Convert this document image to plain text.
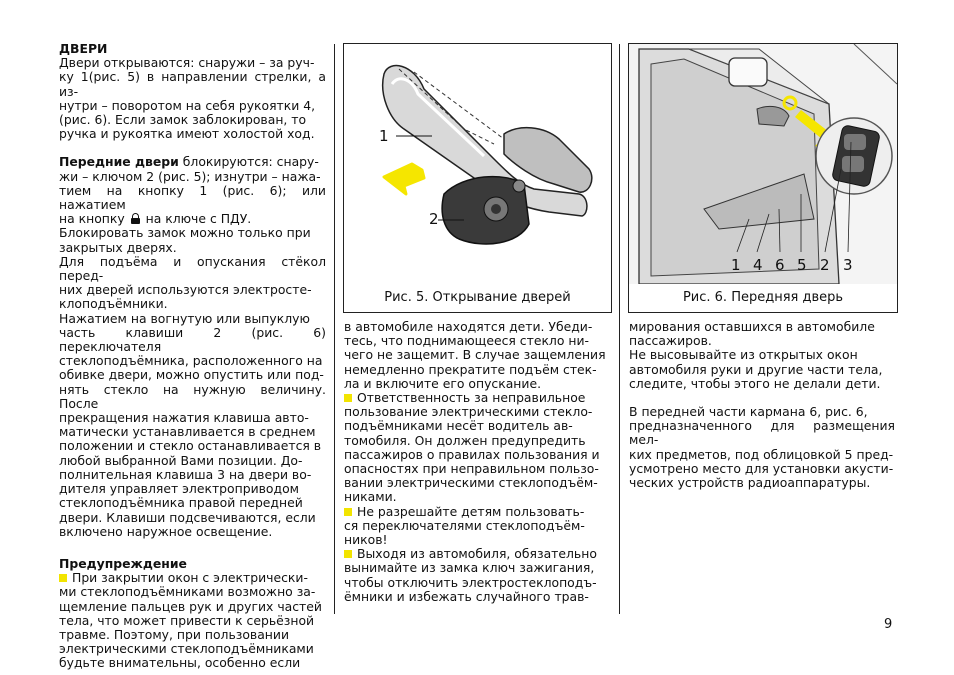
ДВЕРИ

Двери открываются: снаружи – за руч-

ку 1(рис. 5) в направлении стрелки, а из-

нутри – поворотом на себя рукоятки 4,

(рис. 6). Если замок заблокирован, то

ручка и рукоятка имеют холостой ход.

Передние двери блокируются: снару-

жи – ключом 2 (рис. 5); изнутри – нажа-

тием на кнопку 1 (рис. 6); или нажатием

на кнопку  на ключе с ПДУ.

Блокировать замок можно только при

закрытых дверях.

Для подъёма и опускания стёкол перед-

них дверей используются электросте-

клоподъёмники.

Нажатием на вогнутую или выпуклую

часть клавиши 2 (рис. 6) переключателя

стеклоподъёмника, расположенного на

обивке двери, можно опустить или под-

нять стекло на нужную величину. После

прекращения нажатия клавиша авто-

матически устанавливается в среднем

положении и стекло останавливается в

любой выбранной Вами позиции. До-

полнительная клавиша 3 на двери во-

дителя управляет электроприводом

стеклоподъёмника правой передней

двери. Клавиши подсвечиваются, если

включено наружное освещение.

Предупреждение

При закрытии окон с электрически-

ми стеклоподъёмниками возможно за-

щемление пальцев рук и других частей

тела, что может привести к серьёзной

травме. Поэтому, при пользовании

электрическими стеклоподъёмниками

будьте внимательны, особенно если

1
2
Рис. 5. Открывание дверей
1 4 6 5 2 3
Рис. 6. Передняя дверь

в автомобиле находятся дети. Убеди-

тесь, что поднимающееся стекло ни-

чего не защемит. В случае защемления

немедленно прекратите подъём стек-

ла и включите его опускание.

Ответственность за неправильное

пользование электрическими стекло-

подъёмниками несёт водитель ав-

томобиля. Он должен предупредить

пассажиров о правилах пользования и

опасностях при неправильном пользо-

вании электрическими стеклоподъём-

никами.

Не разрешайте детям пользовать-

ся переключателями стеклоподъём-

ников!

Выходя из автомобиля, обязательно

вынимайте из замка ключ зажигания,

чтобы отключить электростеклоподъ-

ёмники и избежать случайного трав-

мирования оставшихся в автомобиле

пассажиров.

Не высовывайте из открытых окон

автомобиля руки и другие части тела,

следите, чтобы этого не делали дети.

В передней части кармана 6, рис. 6,

предназначенного для размещения мел-

ких предметов, под облицовкой 5 пред-

усмотрено место для установки акусти-

ческих устройств радиоаппаратуры.

9
